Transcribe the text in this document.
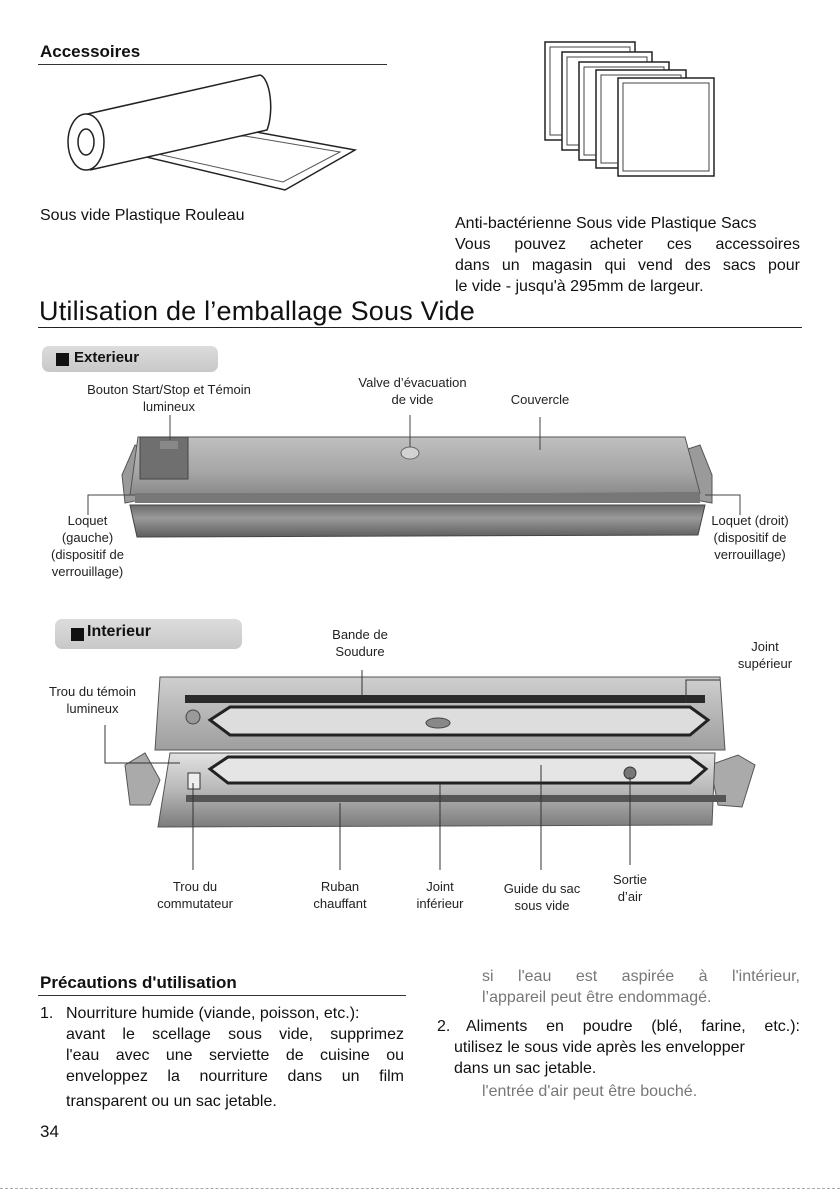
Accessoires
Sous vide Plastique Rouleau	Anti-bactérienne Sous vide Plastique Sacs
Vous pouvez acheter ces accessoires
dans un magasin qui vend des sacs pour
le vide - jusqu'à 295mm de largeur.
Utilisation de l’emballage Sous Vide
Exterieur
Bouton Start/Stop et Témoin
lumineux
Valve d’évacuation
de vide	Couvercle
Loquet
(gauche)
(dispositif de
verrouillage)
Loquet (droit)
(dispositif de
verrouillage)
Interieur	Bande de
Soudure	Joint
supérieur
Trou du témoin
lumineux
Trou du
commutateur
Ruban
chauffant
Joint
inférieur
Guide du sac
sous vide
Sortie
d’air
Précautions d'utilisation
1. Nourriture humide (viande, poisson, etc.):
avant le scellage sous vide, supprimez
l'eau avec une serviette de cuisine ou
enveloppez la nourriture dans un film
transparent ou un sac jetable.
si l'eau est aspirée à l'intérieur,
l’appareil peut être endommagé.
2. Aliments en poudre (blé, farine, etc.):
utilisez le sous vide après les envelopper
dans un sac jetable.
l'entrée d'air peut être bouché.
34
